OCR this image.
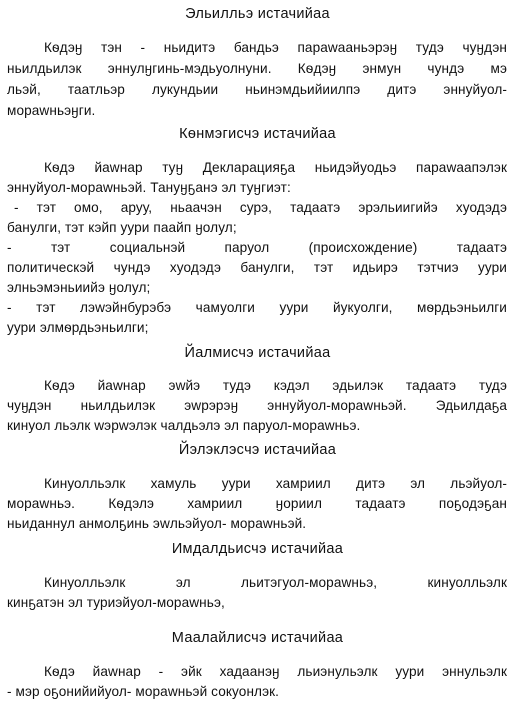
Эльилльэ истачийаа
Кѳдэӈ тэн - ньидитэ бандьэ парawааньэрэӈ тудэ чуӈдэн
ньилдьилэк эннулӈгинь-мэдьуолнуни. Кѳдэӈ энмун чундэ мэ
льэй, таатльэр лукундьии ньинэмдьийиилпэ дитэ эннуйуол-
мораwньэӈги.
Кѳнмэгисчэ истачийаа
Кѳдэ йаwнар туӈ Декларацияҕа ньидэйуодьэ параwаапэлэк
эннуйуол-мораwньэй. Тануӈҕанэ эл туӈгиэт:
- тэт омо, аруу, ньаачэн сурэ, тадаатэ эрэльиигийэ хуодэдэ
банулги, тэт кэйп уури паайп ӈолул;
- тэт социальнэй паруол (происхождение) тадаатэ
политическэй чундэ хуодэдэ банулги, тэт идьирэ тэтчиэ уури
элньэмэньиийэ ӈолул;
- тэт лэwэйнбурэбэ чамуолги уури йукуолги, мѳрдьэньилги
уури элмѳрдьэньилги;
Йалмисчэ истачийаа
Кѳдэ йаwнар эwйэ тудэ кэдэл эдьилэк тадаатэ тудэ
чуӈдэн ньилдьилэк эwрэрэӈ эннуйуол-мораwньэй. Эдьилдаҕа
кинуол льэлк wэрwэлэк чалдьэлэ эл паруол-мораwньэ.
Йэлэклэсчэ истачийаа
Кинуолльэлк хамуль уури хамриил дитэ эл льэйуол-
мораwньэ. Кѳдэлэ хамриил ӈориил тадаатэ поҕодэҕан
ньиданнул анмолҕинь эwльэйуол- мораwньэй.
Имдалдьисчэ истачийаа
Кинуолльэлк эл льитэгуол-мораwньэ, кинуолльэлк
кинҕатэн эл туриэйуол-мораwньэ,
Маалайлисчэ истачийаа
Кѳдэ йаwнар - эйк хадаанэӈ льиэнульэлк уури эннульэлк
- мэр оҕонийийуол- мораwньэй сокуонлэк.
